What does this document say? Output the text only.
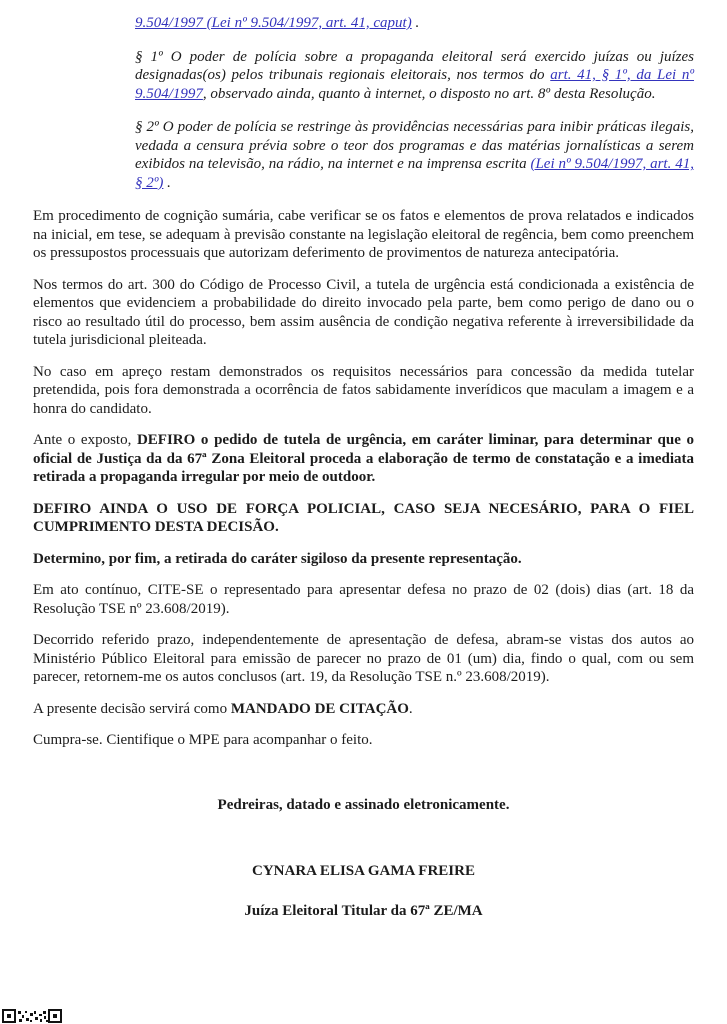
9.504/1997 (Lei nº 9.504/1997, art. 41, caput) .

§ 1º O poder de polícia sobre a propaganda eleitoral será exercido juízas ou juízes designadas(os) pelos tribunais regionais eleitorais, nos termos do art. 41, § 1º, da Lei nº 9.504/1997, observado ainda, quanto à internet, o disposto no art. 8º desta Resolução.

§ 2º O poder de polícia se restringe às providências necessárias para inibir práticas ilegais, vedada a censura prévia sobre o teor dos programas e das matérias jornalísticas a serem exibidos na televisão, na rádio, na internet e na imprensa escrita (Lei nº 9.504/1997, art. 41, § 2º) .

Em procedimento de cognição sumária, cabe verificar se os fatos e elementos de prova relatados e indicados na inicial, em tese, se adequam à previsão constante na legislação eleitoral de regência, bem como preenchem os pressupostos processuais que autorizam deferimento de provimentos de natureza antecipatória.

Nos termos do art. 300 do Código de Processo Civil, a tutela de urgência está condicionada a existência de elementos que evidenciem a probabilidade do direito invocado pela parte, bem como perigo de dano ou o risco ao resultado útil do processo, bem assim ausência de condição negativa referente à irreversibilidade da tutela jurisdicional pleiteada.

No caso em apreço restam demonstrados os requisitos necessários para concessão da medida tutelar pretendida, pois fora demonstrada a ocorrência de fatos sabidamente inverídicos que maculam a imagem e a honra do candidato.

Ante o exposto, DEFIRO o pedido de tutela de urgência, em caráter liminar, para determinar que o oficial de Justiça da da 67ª Zona Eleitoral proceda a elaboração de termo de constatação e a imediata retirada a propaganda irregular por meio de outdoor.

DEFIRO AINDA O USO DE FORÇA POLICIAL, CASO SEJA NECESÁRIO, PARA O FIEL CUMPRIMENTO DESTA DECISÃO.

Determino, por fim, a retirada do caráter sigiloso da presente representação.

Em ato contínuo, CITE-SE o representado para apresentar defesa no prazo de 02 (dois) dias (art. 18 da Resolução TSE nº 23.608/2019).

Decorrido referido prazo, independentemente de apresentação de defesa, abram-se vistas dos autos ao Ministério Público Eleitoral para emissão de parecer no prazo de 01 (um) dia, findo o qual, com ou sem parecer, retornem-me os autos conclusos (art. 19, da Resolução TSE n.º 23.608/2019).

A presente decisão servirá como MANDADO DE CITAÇÃO.

Cumpra-se. Cientifique o MPE para acompanhar o feito.

Pedreiras, datado e assinado eletronicamente.

CYNARA ELISA GAMA FREIRE

Juíza Eleitoral Titular da 67ª ZE/MA
